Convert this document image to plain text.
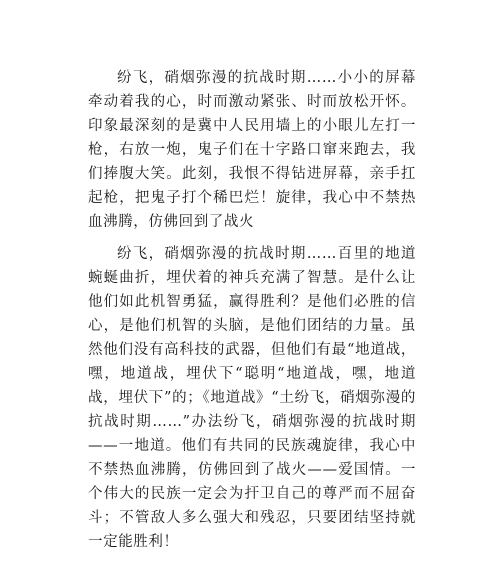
纷飞，硝烟弥漫的抗战时期……小小的屏幕牵动着我的心，时而激动紧张、时而放松开怀。印象最深刻的是冀中人民用墙上的小眼儿左打一枪，右放一炮，鬼子们在十字路口窜来跑去，我们捧腹大笑。此刻，我恨不得钻进屏幕，亲手扛起枪，把鬼子打个稀巴烂！旋律，我心中不禁热血沸腾，仿佛回到了战火

纷飞，硝烟弥漫的抗战时期……百里的地道蜿蜒曲折，埋伏着的神兵充满了智慧。是什么让他们如此机智勇猛，赢得胜利？是他们必胜的信心，是他们机智的头脑，是他们团结的力量。虽然他们没有高科技的武器，但他们有最“地道战，嘿，地道战，埋伏下“聪明“地道战，嘿，地道战，埋伏下”的；《地道战》“土纷飞，硝烟弥漫的抗战时期……”办法纷飞，硝烟弥漫的抗战时期——一地道。他们有共同的民族魂旋律，我心中不禁热血沸腾，仿佛回到了战火——爱国情。一个伟大的民族一定会为扞卫自己的尊严而不屈奋斗；不管敌人多么强大和残忍，只要团结坚持就一定能胜利！
